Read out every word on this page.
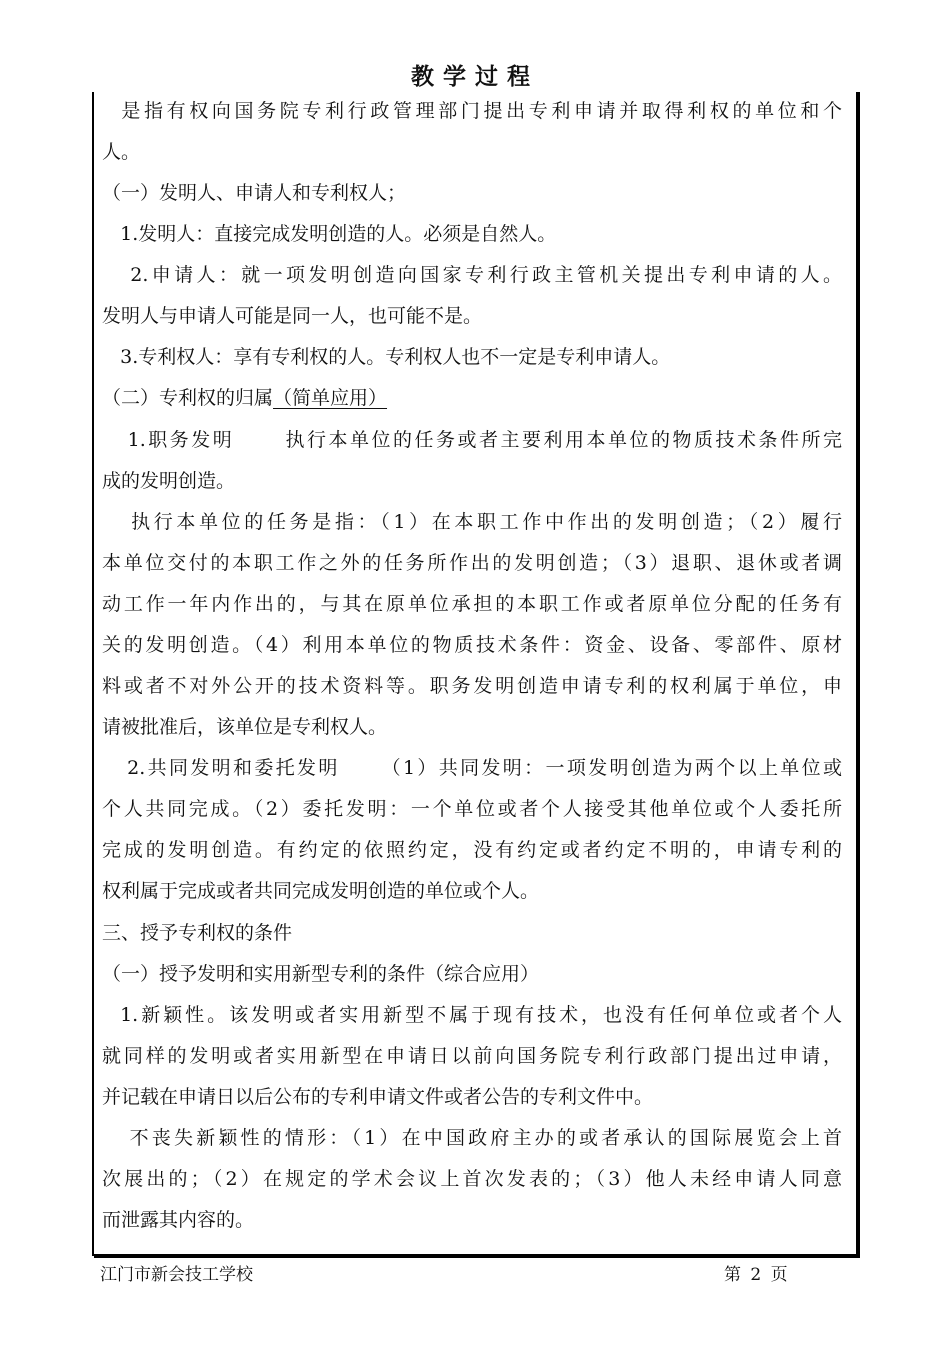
教学过程
是指有权向国务院专利行政管理部门提出专利申请并取得利权的单位和个
人。
（一）发明人、申请人和专利权人；
1.发明人：直接完成发明创造的人。必须是自然人。
2.申请人：就一项发明创造向国家专利行政主管机关提出专利申请的人。
发明人与申请人可能是同一人，也可能不是。
3.专利权人：享有专利权的人。专利权人也不一定是专利申请人。
（二）专利权的归属（简单应用）
1.职务发明      执行本单位的任务或者主要利用本单位的物质技术条件所完
成的发明创造。
执行本单位的任务是指：（1）在本职工作中作出的发明创造；（2）履行
本单位交付的本职工作之外的任务所作出的发明创造；（3）退职、退休或者调
动工作一年内作出的，与其在原单位承担的本职工作或者原单位分配的任务有
关的发明创造。（4）利用本单位的物质技术条件：资金、设备、零部件、原材
料或者不对外公开的技术资料等。职务发明创造申请专利的权利属于单位，申
请被批准后，该单位是专利权人。
2.共同发明和委托发明     （1）共同发明：一项发明创造为两个以上单位或
个人共同完成。（2）委托发明：一个单位或者个人接受其他单位或个人委托所
完成的发明创造。有约定的依照约定，没有约定或者约定不明的，申请专利的
权利属于完成或者共同完成发明创造的单位或个人。
三、授予专利权的条件
（一）授予发明和实用新型专利的条件（综合应用）
1.新颖性。该发明或者实用新型不属于现有技术，也没有任何单位或者个人
就同样的发明或者实用新型在申请日以前向国务院专利行政部门提出过申请，
并记载在申请日以后公布的专利申请文件或者公告的专利文件中。
不丧失新颖性的情形：（1）在中国政府主办的或者承认的国际展览会上首
次展出的；（2）在规定的学术会议上首次发表的；（3）他人未经申请人同意
而泄露其内容的。
江门市新会技工学校	第 2 页
